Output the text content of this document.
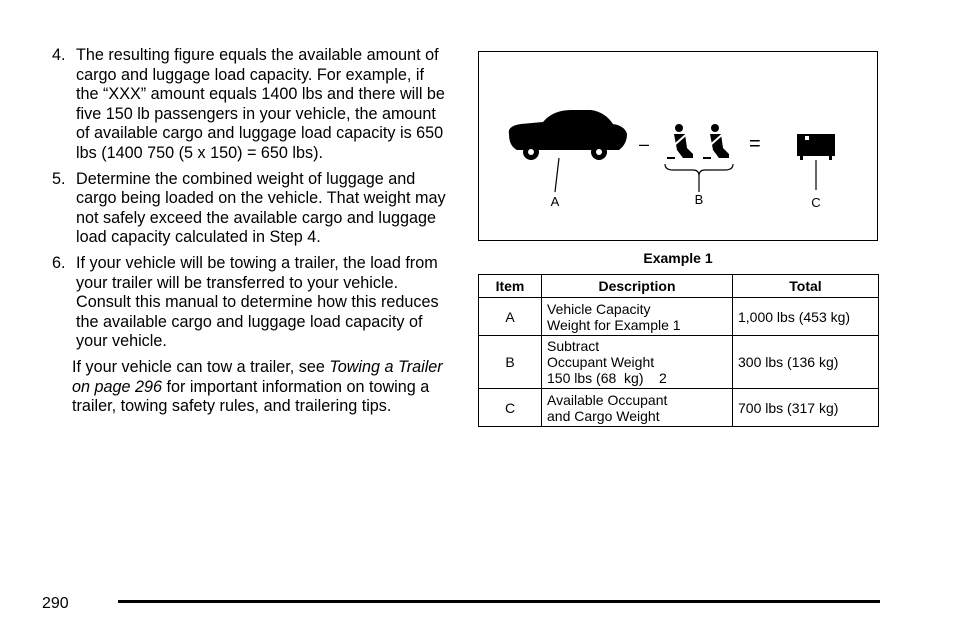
4. The resulting figure equals the available amount of cargo and luggage load capacity. For example, if the “XXX” amount equals 1400 lbs and there will be five 150 lb passengers in your vehicle, the amount of available cargo and luggage load capacity is 650 lbs (1400 750 (5 x 150) = 650 lbs).
5. Determine the combined weight of luggage and cargo being loaded on the vehicle. That weight may not safely exceed the available cargo and luggage load capacity calculated in Step 4.
6. If your vehicle will be towing a trailer, the load from your trailer will be transferred to your vehicle. Consult this manual to determine how this reduces the available cargo and luggage load capacity of your vehicle.
If your vehicle can tow a trailer, see Towing a Trailer on page 296 for important information on towing a trailer, towing safety rules, and trailering tips.
–	=
A	B	C
Example 1
Item	Description	Total
A	Vehicle Capacity
Weight for Example 1	1,000 lbs (453 kg)
B	Subtract
Occupant Weight
150 lbs (68  kg)    2	300 lbs (136 kg)
C	Available Occupant
and Cargo Weight	700 lbs (317 kg)
290
